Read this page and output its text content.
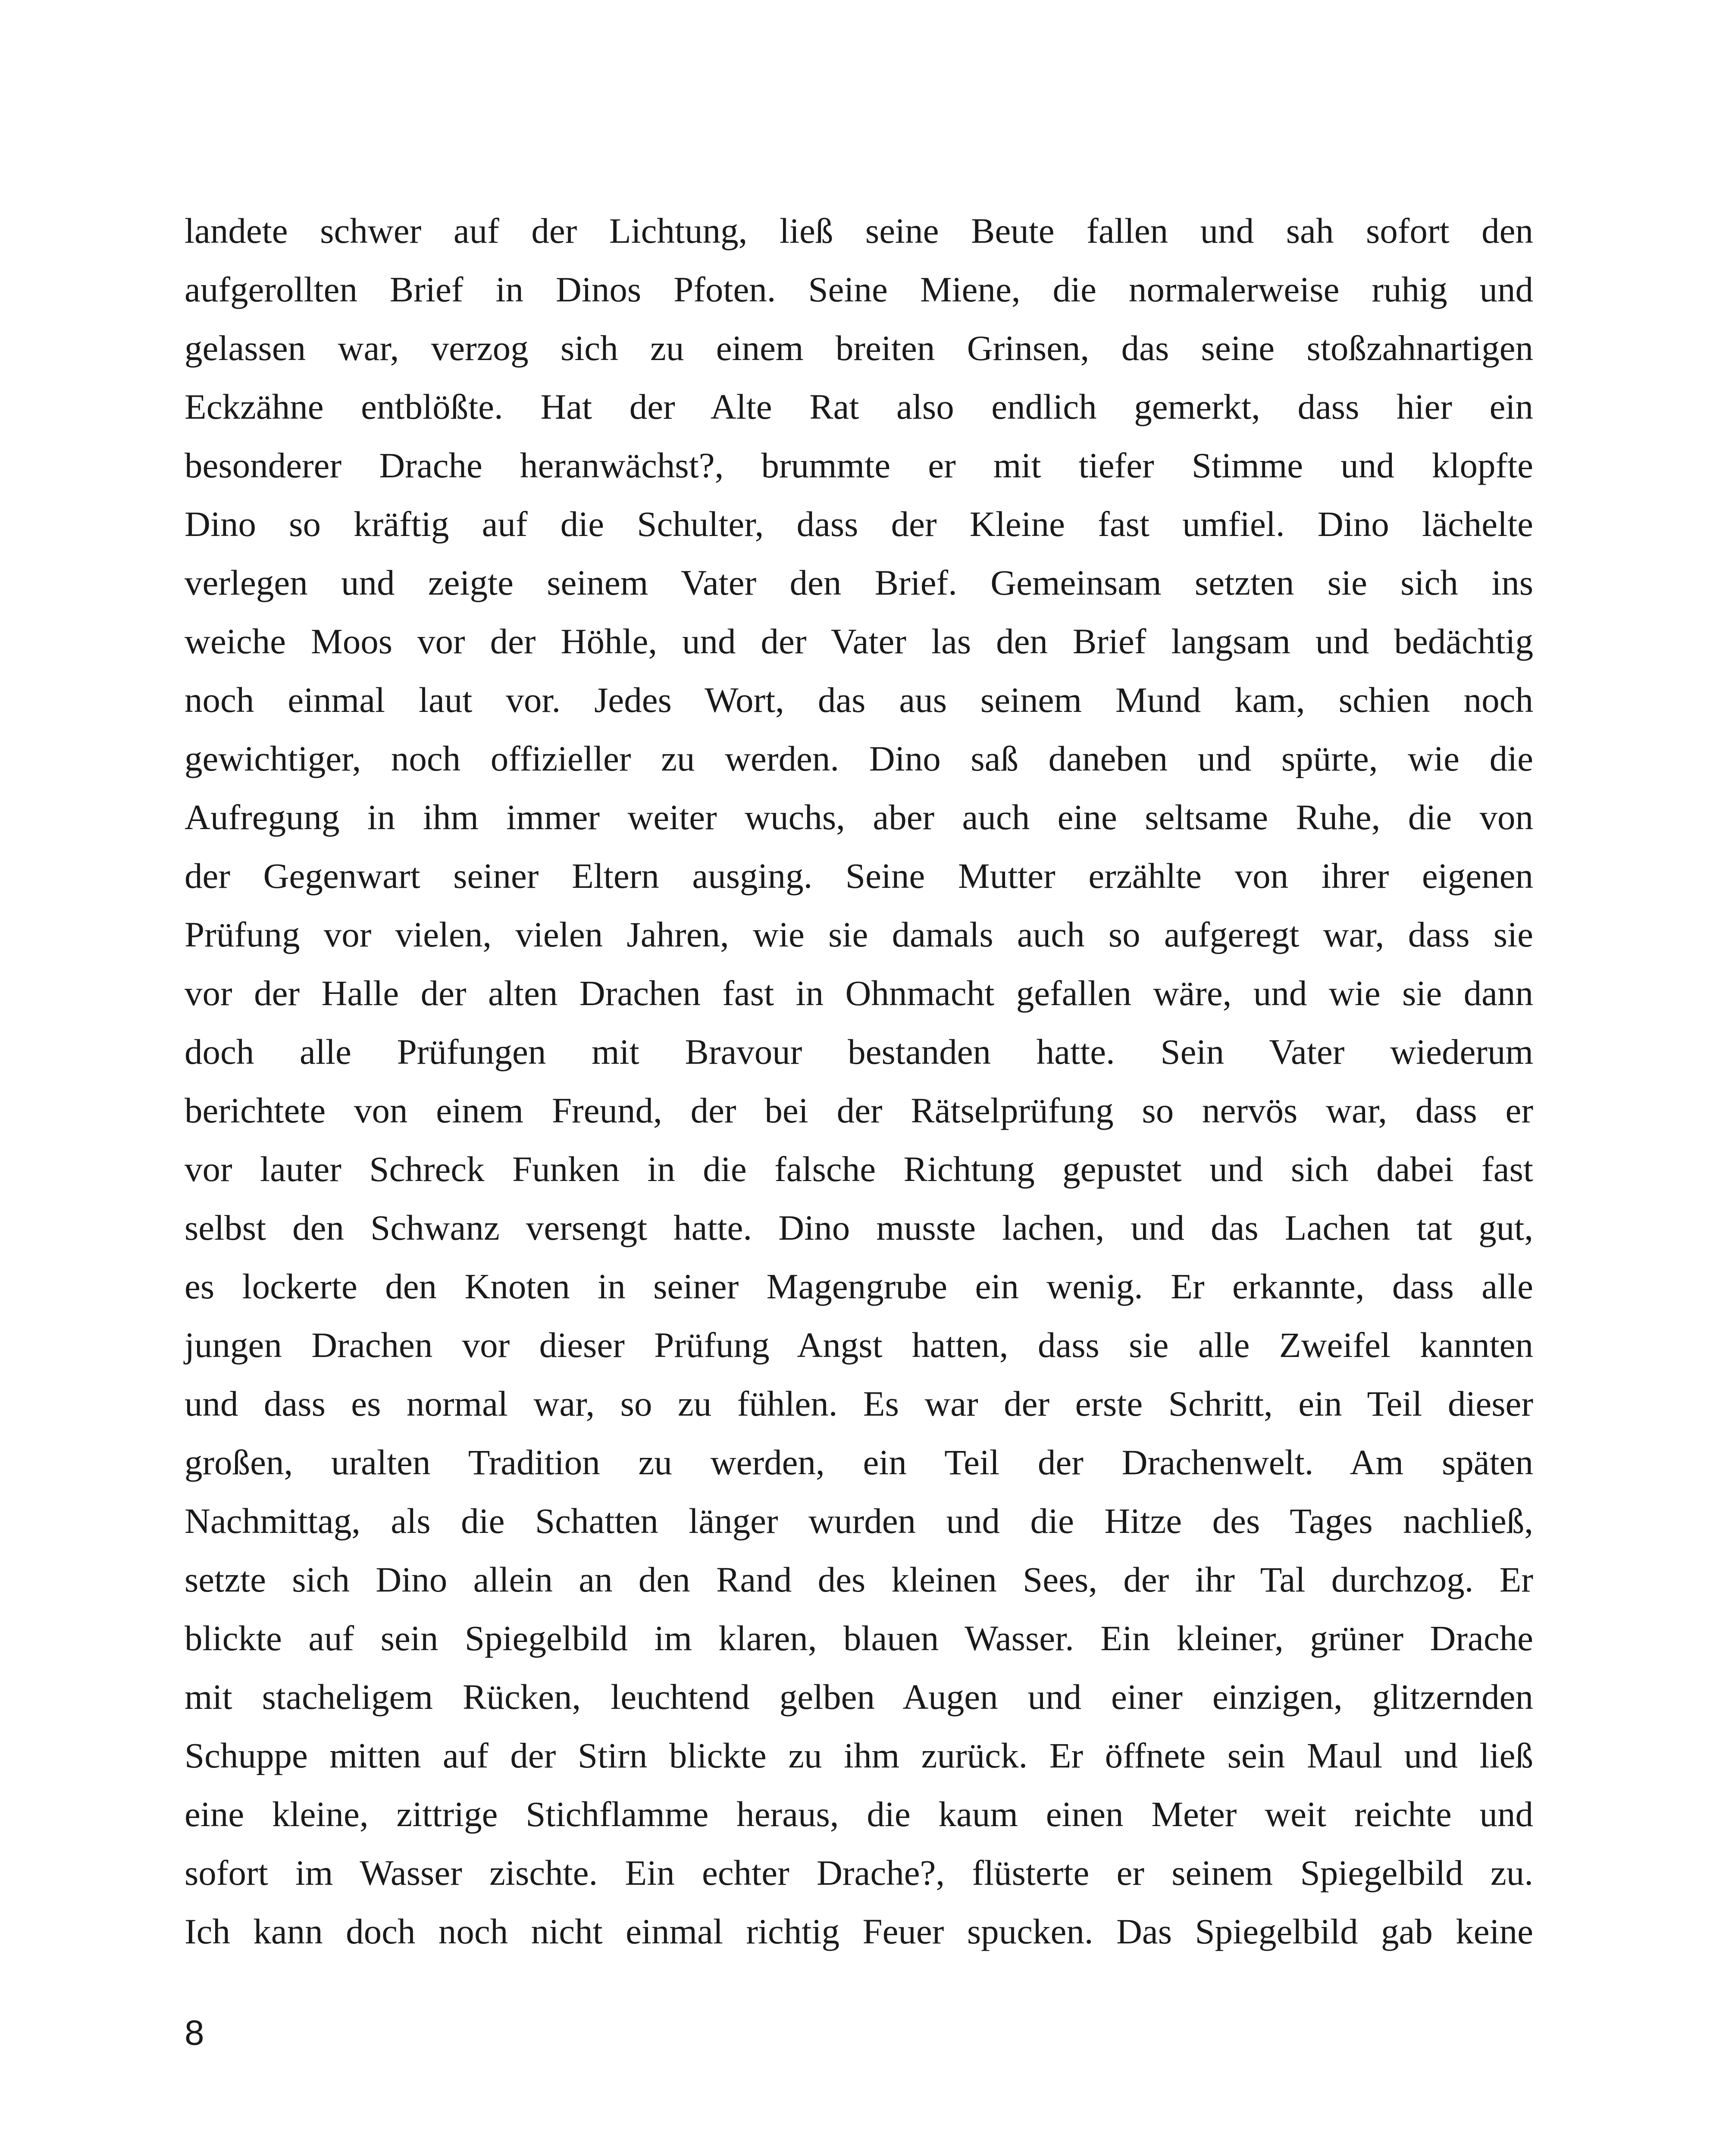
landete schwer auf der Lichtung, ließ seine Beute fallen und sah sofort den
aufgerollten Brief in Dinos Pfoten. Seine Miene, die normalerweise ruhig und
gelassen war, verzog sich zu einem breiten Grinsen, das seine stoßzahnartigen
Eckzähne entblößte. Hat der Alte Rat also endlich gemerkt, dass hier ein
besonderer Drache heranwächst?, brummte er mit tiefer Stimme und klopfte
Dino so kräftig auf die Schulter, dass der Kleine fast umfiel. Dino lächelte
verlegen und zeigte seinem Vater den Brief. Gemeinsam setzten sie sich ins
weiche Moos vor der Höhle, und der Vater las den Brief langsam und bedächtig
noch einmal laut vor. Jedes Wort, das aus seinem Mund kam, schien noch
gewichtiger, noch offizieller zu werden. Dino saß daneben und spürte, wie die
Aufregung in ihm immer weiter wuchs, aber auch eine seltsame Ruhe, die von
der Gegenwart seiner Eltern ausging. Seine Mutter erzählte von ihrer eigenen
Prüfung vor vielen, vielen Jahren, wie sie damals auch so aufgeregt war, dass sie
vor der Halle der alten Drachen fast in Ohnmacht gefallen wäre, und wie sie dann
doch alle Prüfungen mit Bravour bestanden hatte. Sein Vater wiederum
berichtete von einem Freund, der bei der Rätselprüfung so nervös war, dass er
vor lauter Schreck Funken in die falsche Richtung gepustet und sich dabei fast
selbst den Schwanz versengt hatte. Dino musste lachen, und das Lachen tat gut,
es lockerte den Knoten in seiner Magengrube ein wenig. Er erkannte, dass alle
jungen Drachen vor dieser Prüfung Angst hatten, dass sie alle Zweifel kannten
und dass es normal war, so zu fühlen. Es war der erste Schritt, ein Teil dieser
großen, uralten Tradition zu werden, ein Teil der Drachenwelt. Am späten
Nachmittag, als die Schatten länger wurden und die Hitze des Tages nachließ,
setzte sich Dino allein an den Rand des kleinen Sees, der ihr Tal durchzog. Er
blickte auf sein Spiegelbild im klaren, blauen Wasser. Ein kleiner, grüner Drache
mit stacheligem Rücken, leuchtend gelben Augen und einer einzigen, glitzernden
Schuppe mitten auf der Stirn blickte zu ihm zurück. Er öffnete sein Maul und ließ
eine kleine, zittrige Stichflamme heraus, die kaum einen Meter weit reichte und
sofort im Wasser zischte. Ein echter Drache?, flüsterte er seinem Spiegelbild zu.
Ich kann doch noch nicht einmal richtig Feuer spucken. Das Spiegelbild gab keine
8
